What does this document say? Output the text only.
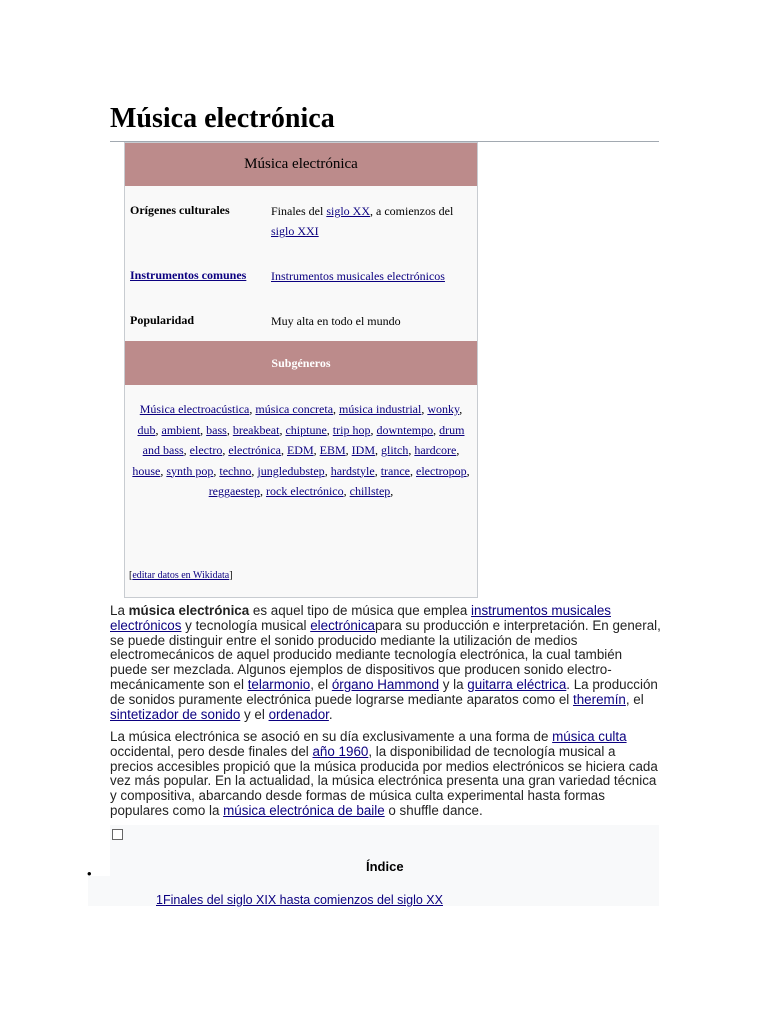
Música electrónica
Música electrónica
Orígenes culturales	Finales del siglo XX, a comienzos del siglo XXI
Instrumentos comunes Instrumentos musicales electrónicos
Popularidad	Muy alta en todo el mundo
Subgéneros
Música electroacústica, música concreta, música industrial, wonky, dub, ambient, bass, breakbeat, chiptune, trip hop, downtempo, drum and bass, electro, electrónica, EDM, EBM, IDM, glitch, hardcore, house, synth pop, techno, jungledubstep, hardstyle, trance, electropop, reggaestep, rock electrónico, chillstep,
[editar datos en Wikidata]

La música electrónica es aquel tipo de música que emplea instrumentos musicales electrónicos y tecnología musical electrónicapara su producción e interpretación. En general, se puede distinguir entre el sonido producido mediante la utilización de medios electromecánicos de aquel producido mediante tecnología electrónica, la cual también puede ser mezclada. Algunos ejemplos de dispositivos que producen sonido electro-mecánicamente son el telarmonio, el órgano Hammond y la guitarra eléctrica. La producción de sonidos puramente electrónica puede lograrse mediante aparatos como el theremín, el sintetizador de sonido y el ordenador.

La música electrónica se asoció en su día exclusivamente a una forma de música culta occidental, pero desde finales del año 1960, la disponibilidad de tecnología musical a precios accesibles propició que la música producida por medios electrónicos se hiciera cada vez más popular. En la actualidad, la música electrónica presenta una gran variedad técnica y compositiva, abarcando desde formas de música culta experimental hasta formas populares como la música electrónica de baile o shuffle dance.

Índice
•
1Finales del siglo XIX hasta comienzos del siglo XX
